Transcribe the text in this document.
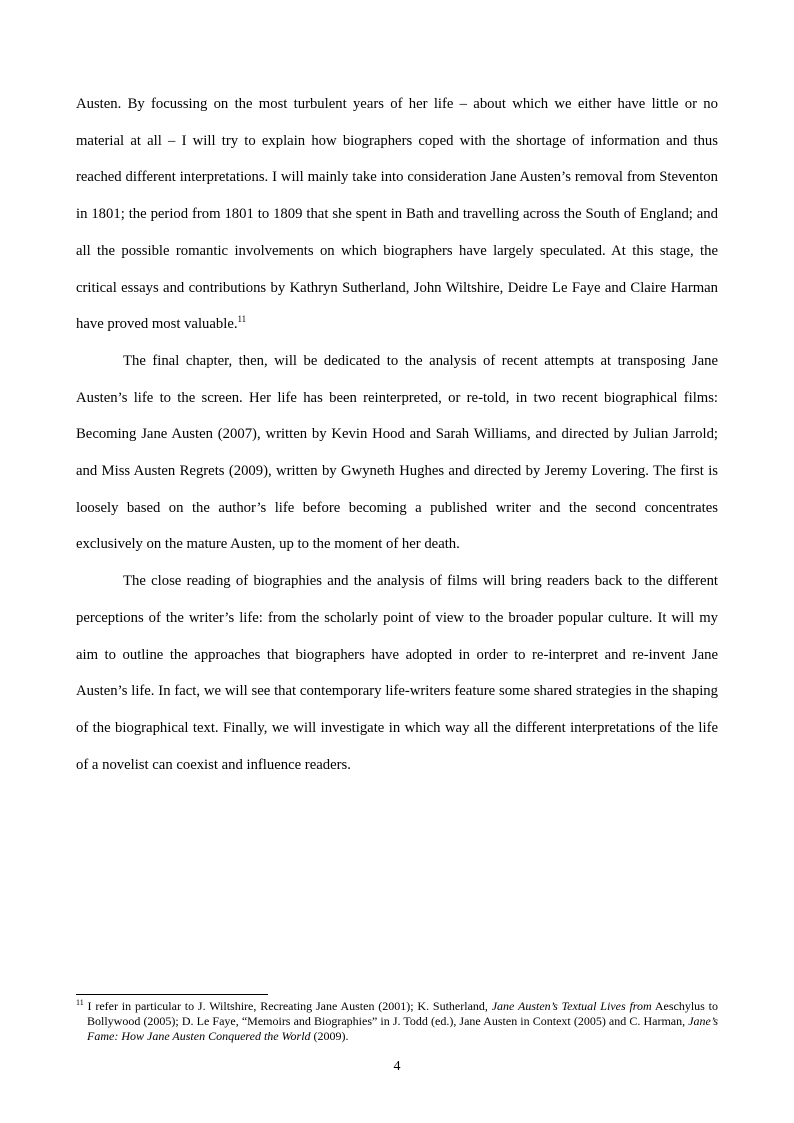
Austen. By focussing on the most turbulent years of her life – about which we either have little or no material at all – I will try to explain how biographers coped with the shortage of information and thus reached different interpretations. I will mainly take into consideration Jane Austen’s removal from Steventon in 1801; the period from 1801 to 1809 that she spent in Bath and travelling across the South of England; and all the possible romantic involvements on which biographers have largely speculated. At this stage, the critical essays and contributions by Kathryn Sutherland, John Wiltshire, Deidre Le Faye and Claire Harman have proved most valuable.$^{11}$

The final chapter, then, will be dedicated to the analysis of recent attempts at transposing Jane Austen’s life to the screen. Her life has been reinterpreted, or re-told, in two recent biographical films: Becoming Jane Austen (2007), written by Kevin Hood and Sarah Williams, and directed by Julian Jarrold; and Miss Austen Regrets (2009), written by Gwyneth Hughes and directed by Jeremy Lovering. The first is loosely based on the author’s life before becoming a published writer and the second concentrates exclusively on the mature Austen, up to the moment of her death.

The close reading of biographies and the analysis of films will bring readers back to the different perceptions of the writer’s life: from the scholarly point of view to the broader popular culture. It will my aim to outline the approaches that biographers have adopted in order to re-interpret and re-invent Jane Austen’s life. In fact, we will see that contemporary life-writers feature some shared strategies in the shaping of the biographical text. Finally, we will investigate in which way all the different interpretations of the life of a novelist can coexist and influence readers.

$^{11}$ I refer in particular to J. Wiltshire, Recreating Jane Austen (2001); K. Sutherland, Jane Austen’s Textual Lives from Aeschylus to Bollywood (2005); D. Le Faye, “Memoirs and Biographies” in J. Todd (ed.), Jane Austen in Context (2005) and C. Harman, Jane’s Fame: How Jane Austen Conquered the World (2009).
4
